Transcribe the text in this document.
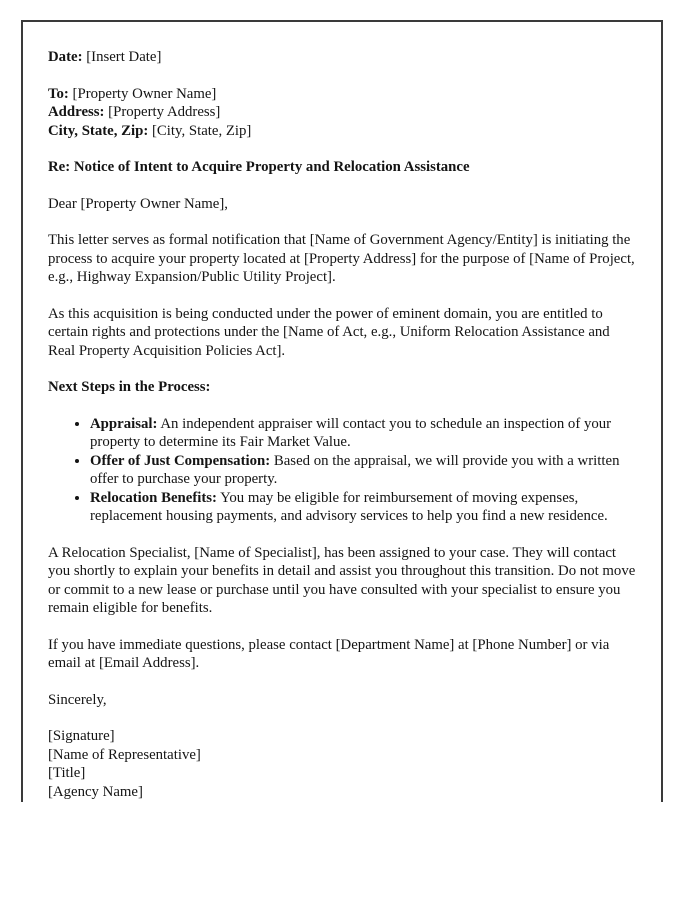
Date: [Insert Date]

To: [Property Owner Name]
Address: [Property Address]
City, State, Zip: [City, State, Zip]

Re: Notice of Intent to Acquire Property and Relocation Assistance

Dear [Property Owner Name],

This letter serves as formal notification that [Name of Government Agency/Entity] is initiating the process to acquire your property located at [Property Address] for the purpose of [Name of Project, e.g., Highway Expansion/Public Utility Project].

As this acquisition is being conducted under the power of eminent domain, you are entitled to certain rights and protections under the [Name of Act, e.g., Uniform Relocation Assistance and Real Property Acquisition Policies Act].

Next Steps in the Process:

• Appraisal: An independent appraiser will contact you to schedule an inspection of your property to determine its Fair Market Value.
• Offer of Just Compensation: Based on the appraisal, we will provide you with a written offer to purchase your property.
• Relocation Benefits: You may be eligible for reimbursement of moving expenses, replacement housing payments, and advisory services to help you find a new residence.

A Relocation Specialist, [Name of Specialist], has been assigned to your case. They will contact you shortly to explain your benefits in detail and assist you throughout this transition. Do not move or commit to a new lease or purchase until you have consulted with your specialist to ensure you remain eligible for benefits.

If you have immediate questions, please contact [Department Name] at [Phone Number] or via email at [Email Address].

Sincerely,

[Signature]
[Name of Representative]
[Title]
[Agency Name]
